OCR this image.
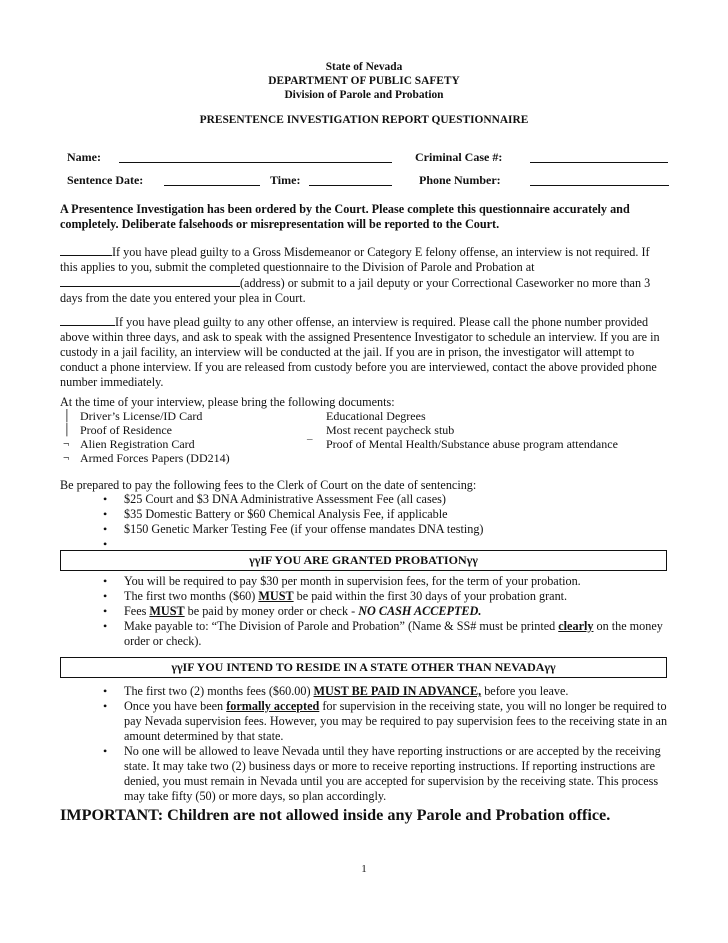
State of Nevada
DEPARTMENT OF PUBLIC SAFETY
Division of Parole and Probation
PRESENTENCE INVESTIGATION REPORT QUESTIONNAIRE
Name:	Criminal Case #:
Sentence Date:	Time:	Phone Number:
A Presentence Investigation has been ordered by the Court. Please complete this questionnaire accurately and completely. Deliberate falsehoods or misrepresentation will be reported to the Court.
If you have plead guilty to a Gross Misdemeanor or Category E felony offense, an interview is not required. If this applies to you, submit the completed questionnaire to the Division of Parole and Probation at (address) or submit to a jail deputy or your Correctional Caseworker no more than 3 days from the date you entered your plea in Court.
If you have plead guilty to any other offense, an interview is required. Please call the phone number provided above within three days, and ask to speak with the assigned Presentence Investigator to schedule an interview. If you are in custody in a jail facility, an interview will be conducted at the jail. If you are in prison, the investigator will attempt to conduct a phone interview. If you are released from custody before you are interviewed, contact the above provided phone number immediately.
At the time of your interview, please bring the following documents:
│ Driver’s License/ID Card	Educational Degrees
│ Proof of Residence	Most recent paycheck stub
¬ Alien Registration Card	¯	Proof of Mental Health/Substance abuse program attendance
¬ Armed Forces Papers (DD214)
Be prepared to pay the following fees to the Clerk of Court on the date of sentencing:
• $25 Court and $3 DNA Administrative Assessment Fee (all cases)
• $35 Domestic Battery or $60 Chemical Analysis Fee, if applicable
• $150 Genetic Marker Testing Fee (if your offense mandates DNA testing)
•
γγIF YOU ARE GRANTED PROBATIONγγ
• You will be required to pay $30 per month in supervision fees, for the term of your probation.
• The first two months ($60) MUST be paid within the first 30 days of your probation grant.
• Fees MUST be paid by money order or check - NO CASH ACCEPTED.
• Make payable to: “The Division of Parole and Probation” (Name & SS# must be printed clearly on the money order or check).
γγIF YOU INTEND TO RESIDE IN A STATE OTHER THAN NEVADAγγ
• The first two (2) months fees ($60.00) MUST BE PAID IN ADVANCE, before you leave.
• Once you have been formally accepted for supervision in the receiving state, you will no longer be required to pay Nevada supervision fees. However, you may be required to pay supervision fees to the receiving state in an amount determined by that state.
• No one will be allowed to leave Nevada until they have reporting instructions or are accepted by the receiving state. It may take two (2) business days or more to receive reporting instructions. If reporting instructions are denied, you must remain in Nevada until you are accepted for supervision by the receiving state. This process may take fifty (50) or more days, so plan accordingly.
IMPORTANT: Children are not allowed inside any Parole and Probation office.
1
